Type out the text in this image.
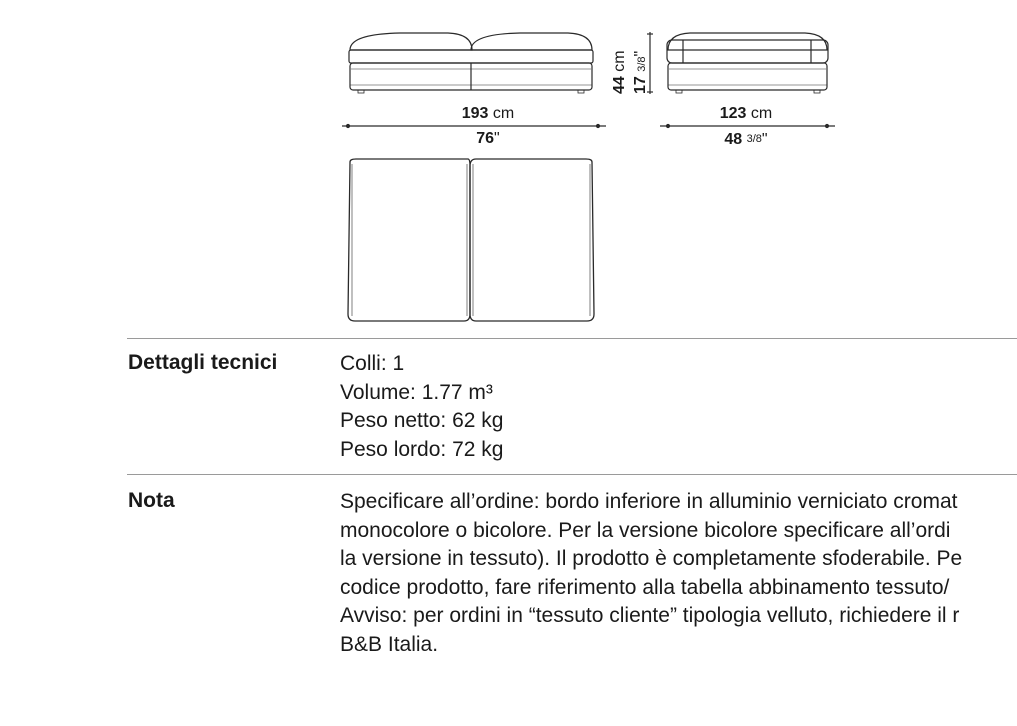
193 cm
76"
123 cm
48 3/8"
44 cm
17 3/8"
Dettagli tecnici	Colli: 1
Volume: 1.77 m³
Peso netto: 62 kg
Peso lordo: 72 kg
Nota	Specificare all’ordine: bordo inferiore in alluminio verniciato cromat
monocolore o bicolore. Per la versione bicolore specificare all’ordi
la versione in tessuto). Il prodotto è completamente sfoderabile. Pe
codice prodotto, fare riferimento alla tabella abbinamento tessuto/
Avviso: per ordini in “tessuto cliente” tipologia velluto, richiedere il r
B&B Italia.
